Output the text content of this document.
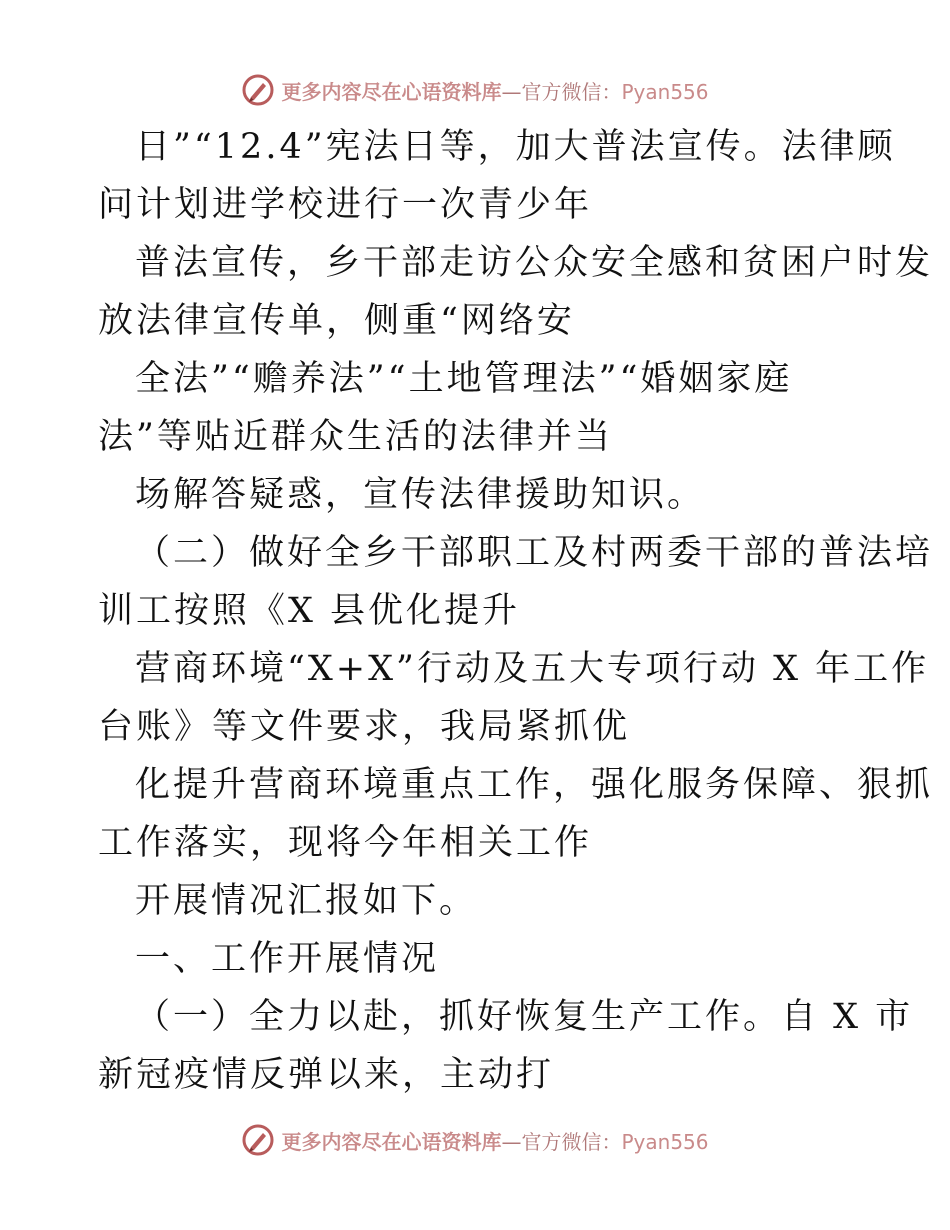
更多内容尽在心语资料库—官方微信：Pyan556
日”“12.4”宪法日等，加大普法宣传。法律顾
问计划进学校进行一次青少年
普法宣传，乡干部走访公众安全感和贫困户时发
放法律宣传单，侧重“网络安
全法”“赡养法”“土地管理法”“婚姻家庭
法”等贴近群众生活的法律并当
场解答疑惑，宣传法律援助知识。
（二）做好全乡干部职工及村两委干部的普法培
训工按照《X 县优化提升
营商环境“X+X”行动及五大专项行动 X 年工作
台账》等文件要求，我局紧抓优
化提升营商环境重点工作，强化服务保障、狠抓
工作落实，现将今年相关工作
开展情况汇报如下。
一、工作开展情况
（一）全力以赴，抓好恢复生产工作。自 X 市
新冠疫情反弹以来，主动打
更多内容尽在心语资料库—官方微信：Pyan556
